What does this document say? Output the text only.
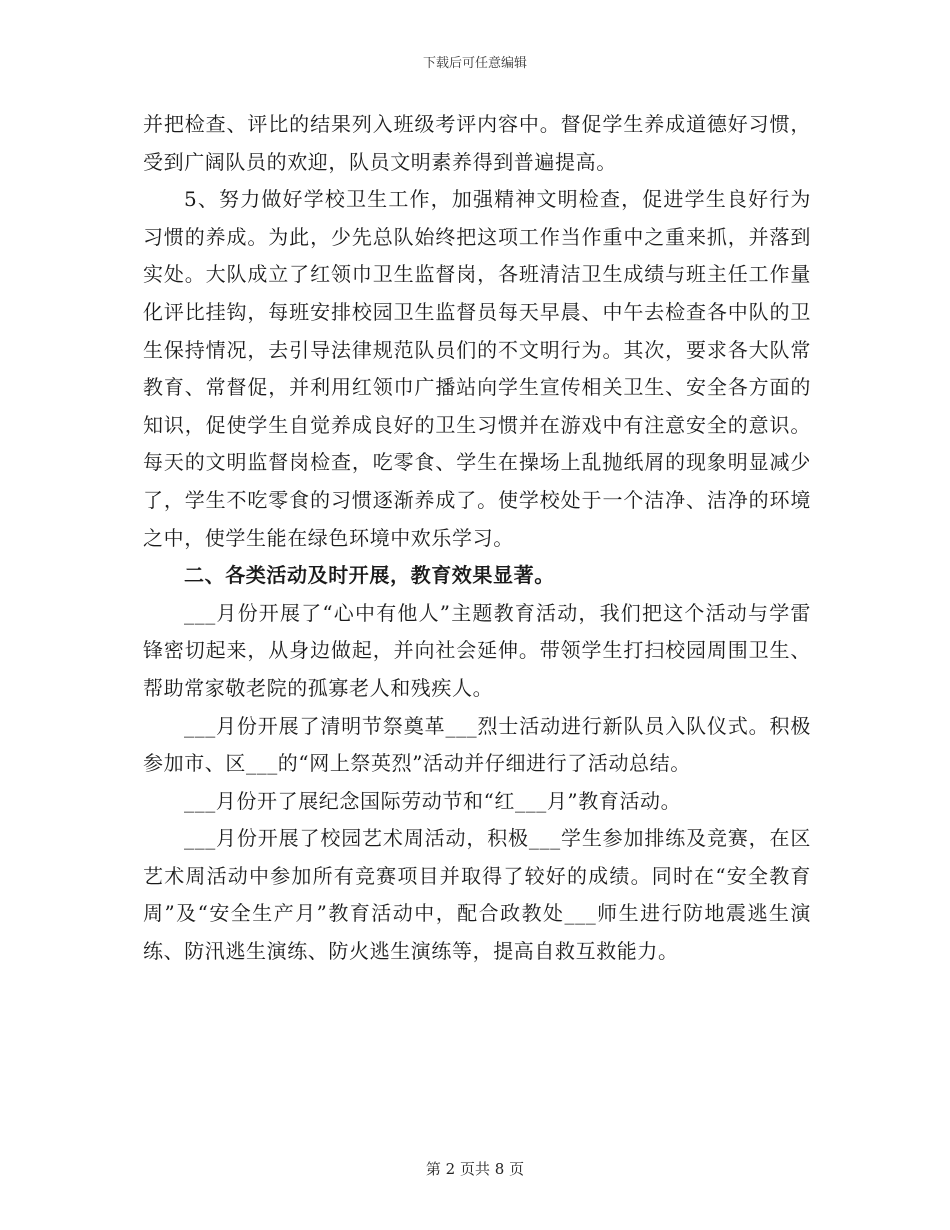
下载后可任意编辑

并把检查、评比的结果列入班级考评内容中。督促学生养成道德好习惯，受到广阔队员的欢迎，队员文明素养得到普遍提高。

5、努力做好学校卫生工作，加强精神文明检查，促进学生良好行为习惯的养成。为此，少先总队始终把这项工作当作重中之重来抓，并落到实处。大队成立了红领巾卫生监督岗，各班清洁卫生成绩与班主任工作量化评比挂钩，每班安排校园卫生监督员每天早晨、中午去检查各中队的卫生保持情况，去引导法律规范队员们的不文明行为。其次，要求各大队常教育、常督促，并利用红领巾广播站向学生宣传相关卫生、安全各方面的知识，促使学生自觉养成良好的卫生习惯并在游戏中有注意安全的意识。每天的文明监督岗检查，吃零食、学生在操场上乱抛纸屑的现象明显减少了，学生不吃零食的习惯逐渐养成了。使学校处于一个洁净、洁净的环境之中，使学生能在绿色环境中欢乐学习。

二、各类活动及时开展，教育效果显著。

___月份开展了“心中有他人”主题教育活动，我们把这个活动与学雷锋密切起来，从身边做起，并向社会延伸。带领学生打扫校园周围卫生、帮助常家敬老院的孤寡老人和残疾人。

___月份开展了清明节祭奠革___烈士活动进行新队员入队仪式。积极参加市、区___的“网上祭英烈”活动并仔细进行了活动总结。

___月份开了展纪念国际劳动节和“红___月”教育活动。

___月份开展了校园艺术周活动，积极___学生参加排练及竞赛，在区艺术周活动中参加所有竞赛项目并取得了较好的成绩。同时在“安全教育周”及“安全生产月”教育活动中，配合政教处___师生进行防地震逃生演练、防汛逃生演练、防火逃生演练等，提高自救互救能力。

第 2 页共 8 页
